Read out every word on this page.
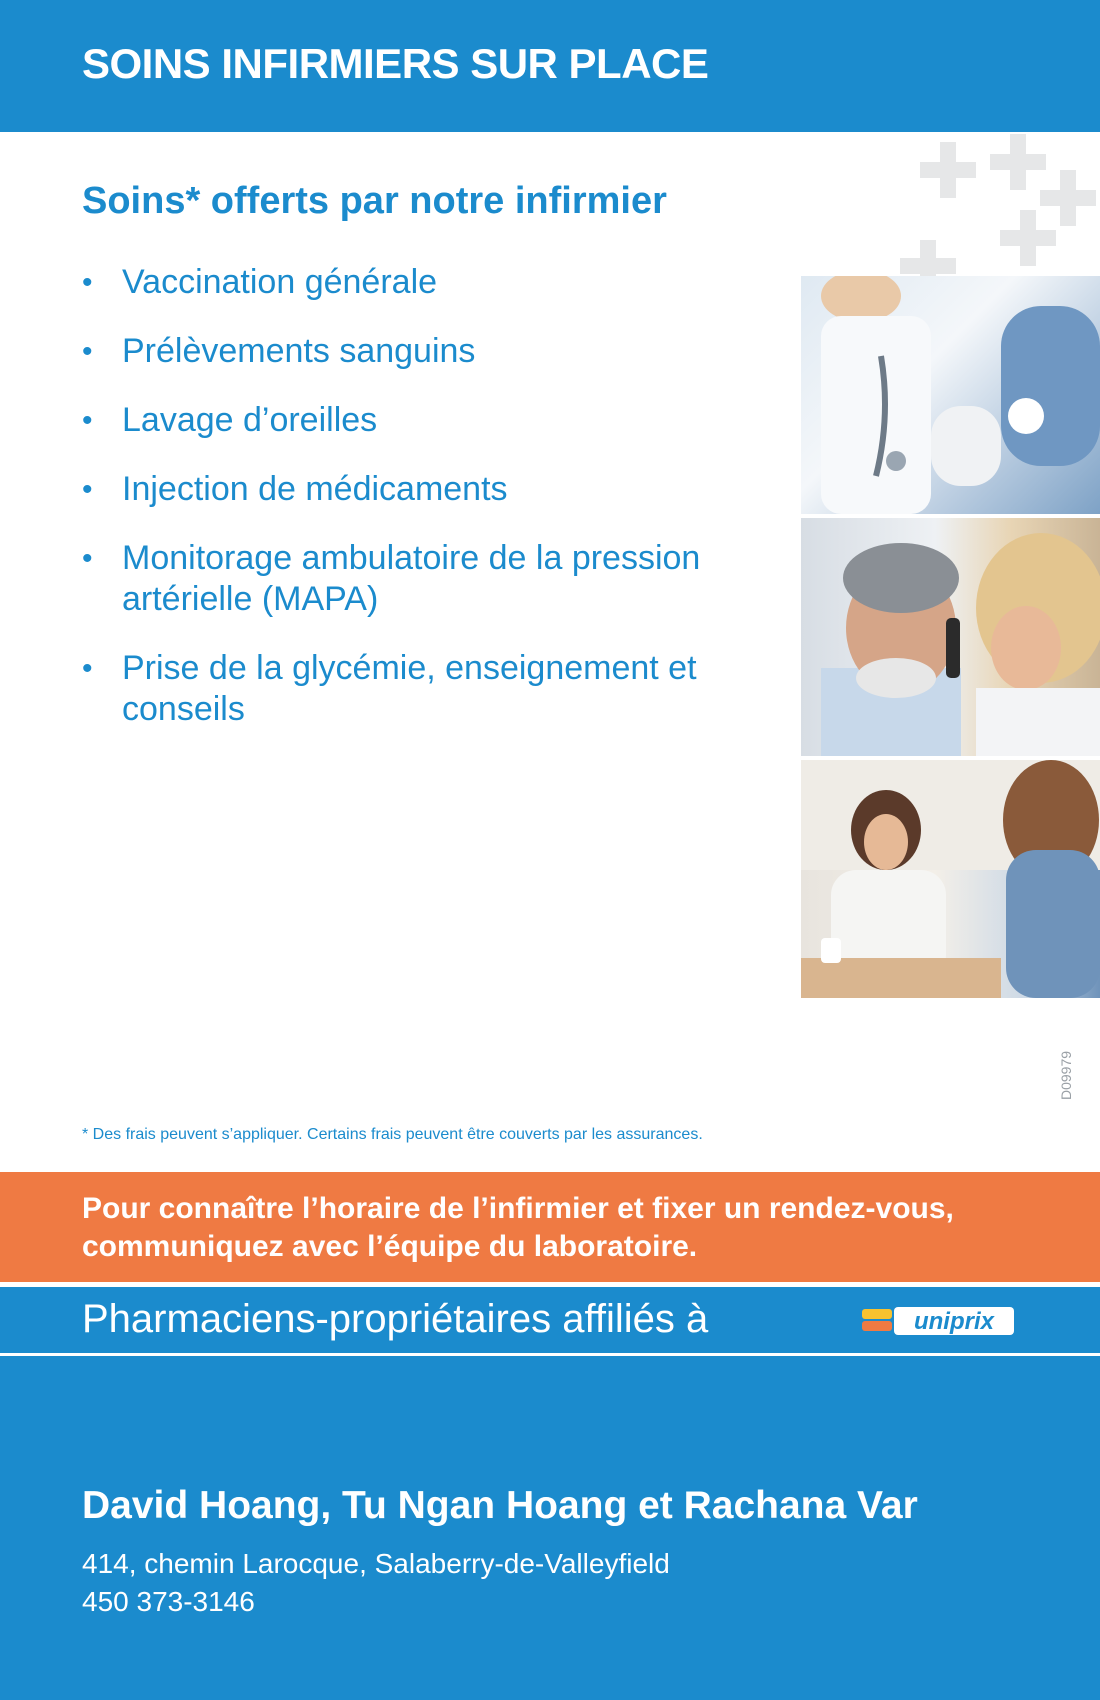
SOINS INFIRMIERS SUR PLACE
Soins* offerts par notre infirmier
• Vaccination générale
• Prélèvements sanguins
• Lavage d’oreilles
• Injection de médicaments
• Monitorage ambulatoire de la pression artérielle (MAPA)
• Prise de la glycémie, enseignement et conseils

* Des frais peuvent s’appliquer. Certains frais peuvent être couverts par les assurances.

D09979

Pour connaître l’horaire de l’infirmier et fixer un rendez-vous,
communiquez avec l’équipe du laboratoire.

Pharmaciens-propriétaires affiliés à	uniprix

David Hoang, Tu Ngan Hoang et Rachana Var

414, chemin Larocque, Salaberry-de-Valleyfield

450 373-3146
